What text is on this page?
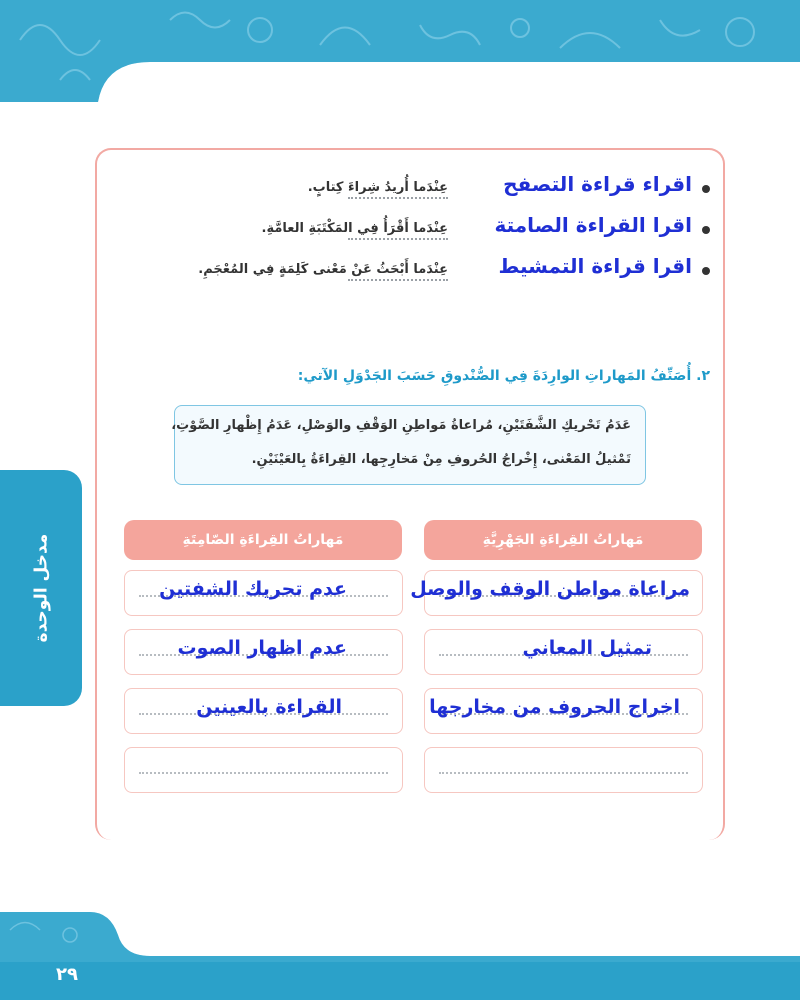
مدخل الوحدة
اقراء قراءة التصفح
عِنْدَما أُريدُ شِراءَ كِتابٍ.
اقرا القراءة الصامتة
عِنْدَما أَقْرَأُ فِي المَكْتَبَةِ العامَّةِ.
اقرا قراءة التمشيط
عِنْدَما أَبْحَثُ عَنْ مَعْنى كَلِمَةٍ فِي المُعْجَمِ.
٢. أُصَنِّفُ المَهاراتِ الوارِدَةَ فِي الصُّنْدوقِ حَسَبَ الجَدْوَلِ الآتي:
عَدَمُ تَحْريكِ الشَّفَتَيْنِ، مُراعاةُ مَواطِنِ الوَقْفِ والوَصْلِ، عَدَمُ إِظْهارِ الصَّوْتِ،
تَمْثيلُ المَعْنى، إِخْراجُ الحُروفِ مِنْ مَخارِجِها، القِراءَةُ بِالعَيْنَيْنِ.
مَهاراتُ القِراءَةِ الجَهْرِيَّةِ
مَهاراتُ القِراءَةِ الصّامِتَةِ
مراعاة مواطن الوقف والوصل
تمثيل المعاني
اخراج الحروف من مخارجها
عدم تحريك الشفتين
عدم اظهار الصوت
القراءة بالعينين
٢٩
